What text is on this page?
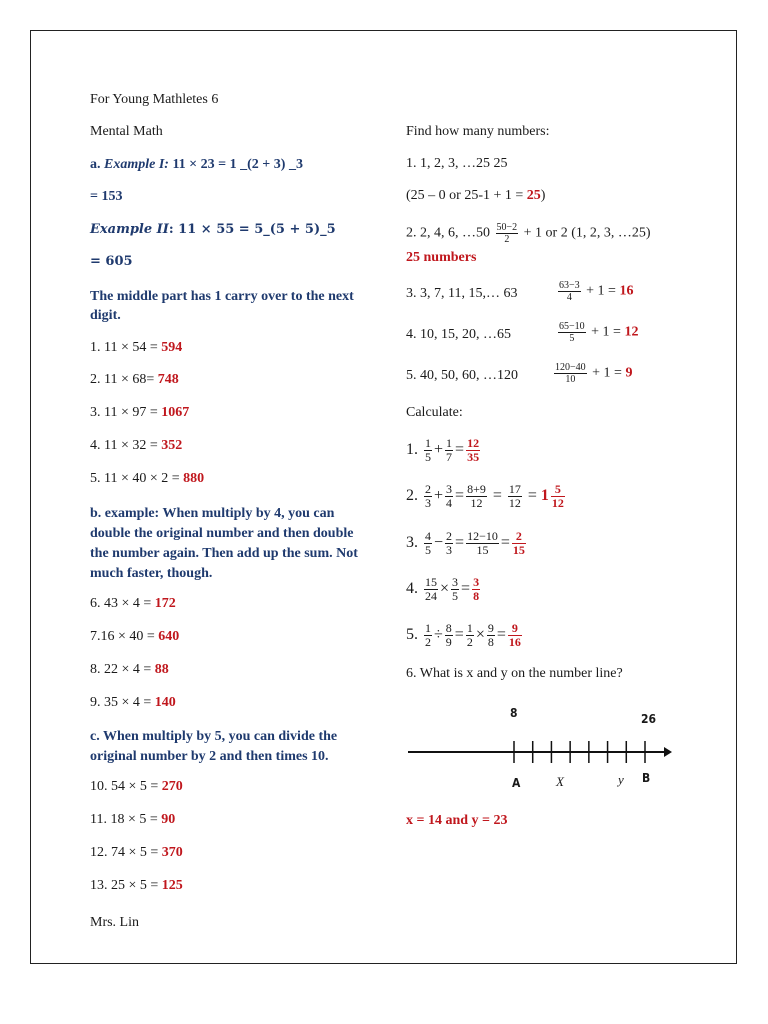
For Young Mathletes 6
Mental Math
a. Example I: 11 × 23 = 1 _(2 + 3) _3
= 153
Example II: 11 × 55 = 5_(5 + 5)_5
= 605
The middle part has 1 carry over to the next digit.
1. 11 × 54 = 594
2. 11 × 68= 748
3. 11 × 97 = 1067
4. 11 × 32 = 352
5. 11 × 40 × 2 = 880
6. 43 × 4 = 172
7.16 × 40 = 640
8. 22 × 4 = 88
9. 35 × 4 = 140
10. 54 × 5 = 270
11. 18 × 5 = 90
12. 74 × 5 = 370
13. 25 × 5 = 125
b. example: When multiply by 4, you can double the original number and then double the number again. Then add up the sum. Not much faster, though.
c. When multiply by 5, you can divide the original number by 2 and then times 10.
Mrs. Lin
Find how many numbers:
1. 1, 2, 3, …25 25
(25 – 0 or 25-1 + 1 = 25)
2. 2, 4, 6, …50 $\frac{50-2}{2} + 1$ or 2 (1, 2, 3, …25)
25 numbers
3. 3, 7, 11, 15,… 63	$\frac{63-3}{4} + 1 = 16$
4. 10, 15, 20, …65	$\frac{65-10}{5} + 1 = 12$
5. 40, 50, 60, …120	$\frac{120-40}{10} + 1 = 9$
Calculate:
1. $\frac{1}{5} + \frac{1}{7} = \frac{12}{35}$
2. $\frac{2}{3} + \frac{3}{4} = \frac{8+9}{12} = \frac{17}{12} = 1 \frac{5}{12}$
3. $\frac{4}{5} - \frac{2}{3} = \frac{12-10}{15} = \frac{2}{15}$
4. $\frac{15}{24} \times \frac{3}{5} = \frac{3}{8}$
5. $\frac{1}{2} \div \frac{8}{9} = \frac{1}{2} \times \frac{9}{8} = \frac{9}{16}$
6. What is x and y on the number line?
8	26
A	X	y B
x = 14 and y = 23
